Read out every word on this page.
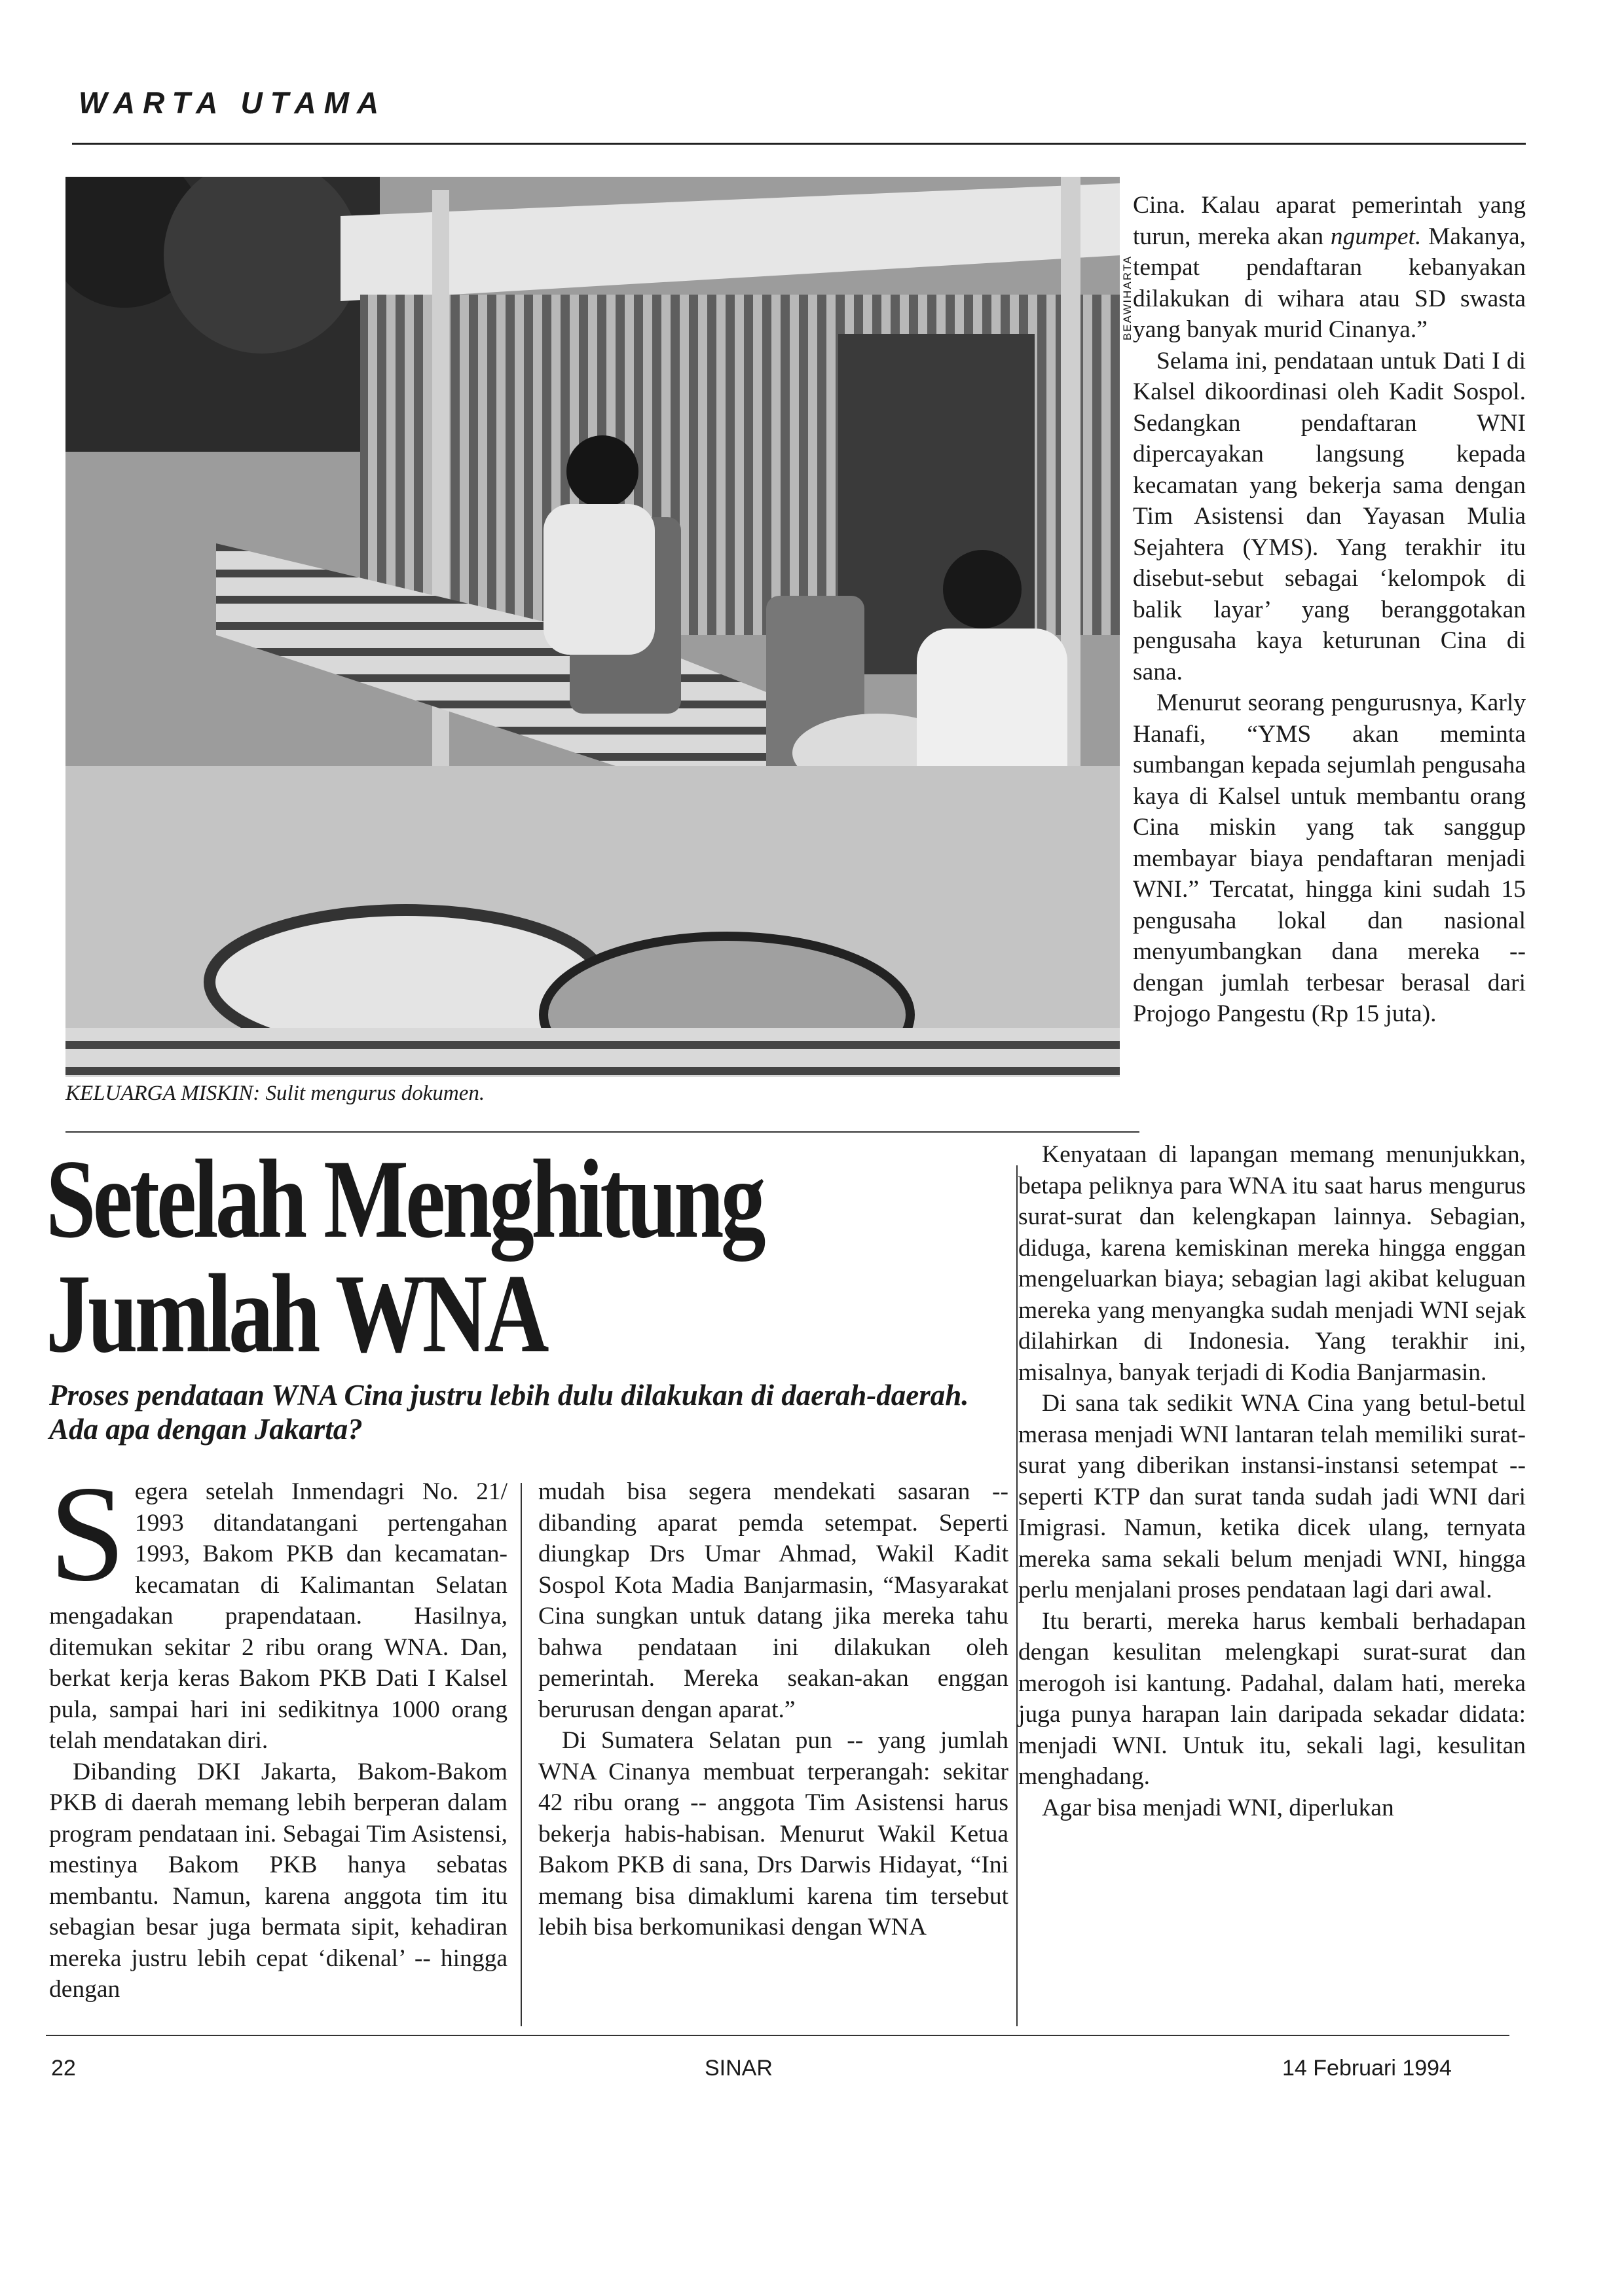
WARTA UTAMA
BEAWIHARTA
KELUARGA MISKIN: Sulit mengurus dokumen.
Setelah Menghitung
Jumlah WNA
Proses pendataan WNA Cina justru lebih dulu dilakukan di daerah-daerah. Ada apa dengan Jakarta?

Segera setelah Inmendagri No. 21/ 1993 ditandatangani pertengahan 1993, Bakom PKB dan kecamatan-kecamatan di Kalimantan Selatan mengadakan prapendataan. Hasilnya, ditemukan sekitar 2 ribu orang WNA. Dan, berkat kerja keras Bakom PKB Dati I Kalsel pula, sampai hari ini sedikitnya 1000 orang telah mendatakan diri.

Dibanding DKI Jakarta, Bakom-Bakom PKB di daerah memang lebih berperan dalam program pendataan ini. Sebagai Tim Asistensi, mestinya Bakom PKB hanya sebatas membantu. Namun, karena anggota tim itu sebagian besar juga bermata sipit, kehadiran mereka justru lebih cepat ‘dikenal’ -- hingga dengan

mudah bisa segera mendekati sasaran -- dibanding aparat pemda setempat. Seperti diungkap Drs Umar Ahmad, Wakil Kadit Sospol Kota Madia Banjarmasin, “Masyarakat Cina sungkan untuk datang jika mereka tahu bahwa pendataan ini dilakukan oleh pemerintah. Mereka seakan-akan enggan berurusan dengan aparat.”

Di Sumatera Selatan pun -- yang jumlah WNA Cinanya membuat terperangah: sekitar 42 ribu orang -- anggota Tim Asistensi harus bekerja habis-habisan. Menurut Wakil Ketua Bakom PKB di sana, Drs Darwis Hidayat, “Ini memang bisa dimaklumi karena tim tersebut lebih bisa berkomunikasi dengan WNA

Cina. Kalau aparat pemerintah yang turun, mereka akan ngumpet. Makanya, tempat pendaftaran kebanyakan dilakukan di wihara atau SD swasta yang banyak murid Cinanya.”

Selama ini, pendataan untuk Dati I di Kalsel dikoordinasi oleh Kadit Sospol. Sedangkan pendaftaran WNI dipercayakan langsung kepada kecamatan yang bekerja sama dengan Tim Asistensi dan Yayasan Mulia Sejahtera (YMS). Yang terakhir itu disebut-sebut sebagai ‘kelompok di balik layar’ yang beranggotakan pengusaha kaya keturunan Cina di sana.

Menurut seorang pengurusnya, Karly Hanafi, “YMS akan meminta sumbangan kepada sejumlah pengusaha kaya di Kalsel untuk membantu orang Cina miskin yang tak sanggup membayar biaya pendaftaran menjadi WNI.” Tercatat, hingga kini sudah 15 pengusaha lokal dan nasional menyumbangkan dana mereka -- dengan jumlah terbesar berasal dari Projogo Pangestu (Rp 15 juta).

Kenyataan di lapangan memang menunjukkan, betapa peliknya para WNA itu saat harus mengurus surat-surat dan kelengkapan lainnya. Sebagian, diduga, karena kemiskinan mereka hingga enggan mengeluarkan biaya; sebagian lagi akibat keluguan mereka yang menyangka sudah menjadi WNI sejak dilahirkan di Indonesia. Yang terakhir ini, misalnya, banyak terjadi di Kodia Banjarmasin.

Di sana tak sedikit WNA Cina yang betul-betul merasa menjadi WNI lantaran telah memiliki surat-surat yang diberikan instansi-instansi setempat -- seperti KTP dan surat tanda sudah jadi WNI dari Imigrasi. Namun, ketika dicek ulang, ternyata mereka sama sekali belum menjadi WNI, hingga perlu menjalani proses pendataan lagi dari awal.

Itu berarti, mereka harus kembali berhadapan dengan kesulitan melengkapi surat-surat dan merogoh isi kantung. Padahal, dalam hati, mereka juga punya harapan lain daripada sekadar didata: menjadi WNI. Untuk itu, sekali lagi, kesulitan menghadang.

Agar bisa menjadi WNI, diperlukan

22	SINAR	14 Februari 1994
